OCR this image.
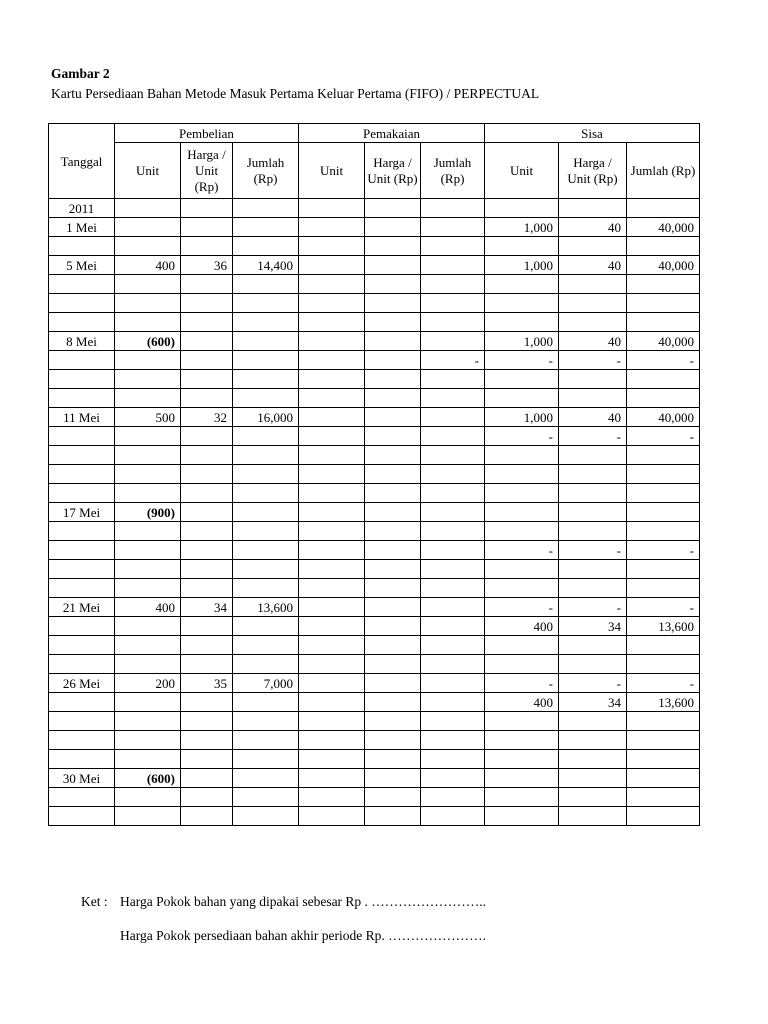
Gambar 2
Kartu Persediaan Bahan Metode Masuk Pertama Keluar Pertama (FIFO) / PERPECTUAL
Tanggal	Pembelian			Pemakaian			Sisa		
	Unit	Harga / Unit (Rp)	Jumlah (Rp)	Unit	Harga / Unit (Rp)	Jumlah (Rp)	Unit	Harga / Unit (Rp)	Jumlah (Rp)
2011									
1 Mei							1,000	40	40,000

5 Mei	400	36	14,400				1,000	40	40,000

8 Mei	(600)						1,000	40	40,000
						-	-	-	-

11 Mei	500	32	16,000				1,000	40	40,000
							-	-	-

17 Mei	(900)								

							-	-	-

21 Mei	400	34	13,600				-	-	-
							400	34	13,600

26 Mei	200	35	7,000				-	-	-
							400	34	13,600

30 Mei	(600)								

Ket : Harga Pokok bahan yang dipakai sebesar Rp . ……………………..
Harga Pokok persediaan bahan akhir periode Rp. ………………….
